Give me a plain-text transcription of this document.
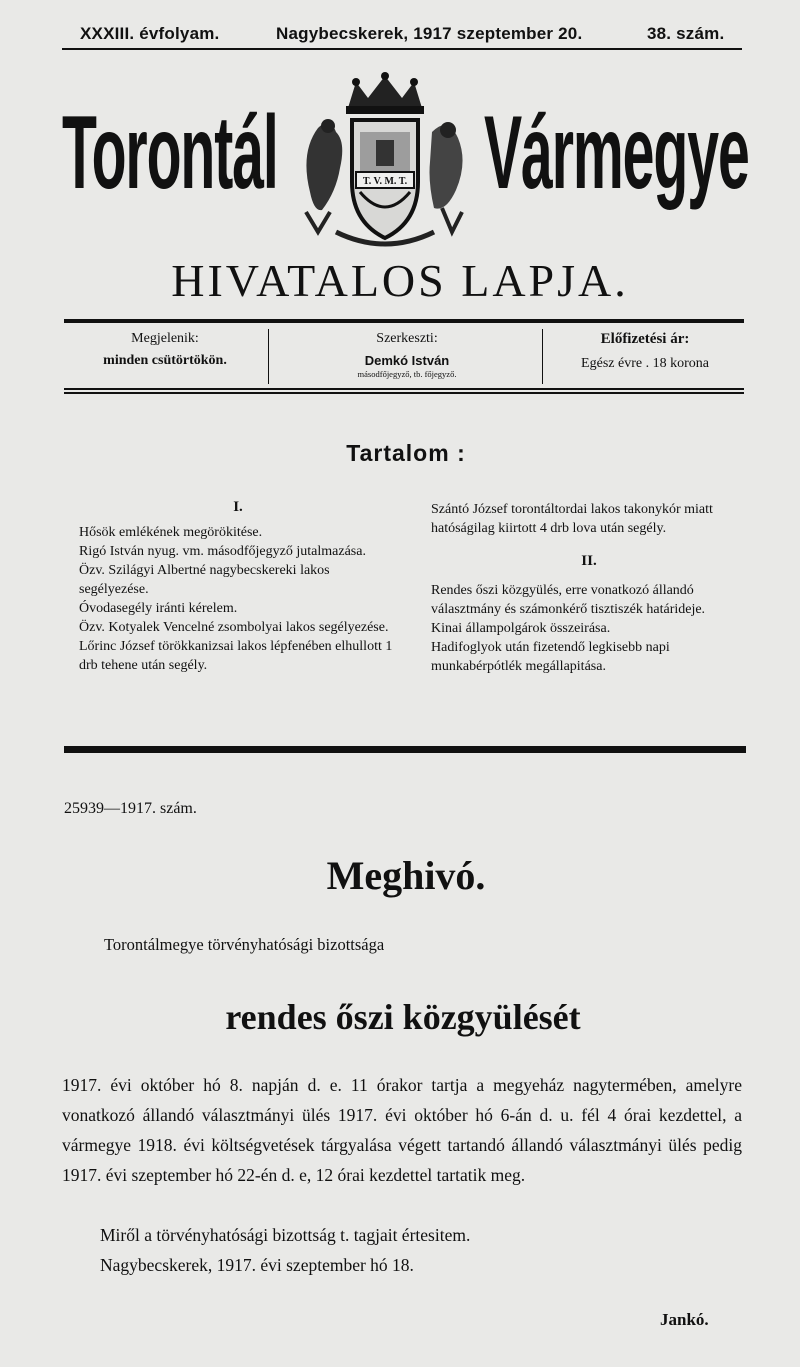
XXXIII. évfolyam.	Nagybecskerek, 1917 szeptember 20.	38. szám.
Torontál Vármegye
T. V. M. T.
HIVATALOS LAPJA.
Megjelenik:
minden csütörtökön.
Szerkeszti:
Demkó István
másodfőjegyző, tb. főjegyző.
Előfizetési ár:
Egész évre . 18 korona
Tartalom :
I.

Hősök emlékének megörökitése.

Rigó István nyug. vm. másodfőjegyző jutalmazása.

Özv. Szilágyi Albertné nagybecskereki lakos segélyezése.

Óvodasegély iránti kérelem.

Özv. Kotyalek Vencelné zsombolyai lakos segélyezése.

Lőrinc József törökkanizsai lakos lépfenében elhullott 1 drb tehene után segély.

Szántó József torontáltordai lakos takonykór miatt hatóságilag kiirtott 4 drb lova után segély.

II.

Rendes őszi közgyülés, erre vonatkozó állandó választmány és számonkérő tisztiszék határideje.

Kinai állampolgárok összeirása.

Hadifoglyok után fizetendő legkisebb napi munkabérpótlék megállapitása.

25939—1917. szám.
Meghivó.
Torontálmegye törvényhatósági bizottsága
rendes őszi közgyülését
1917. évi október hó 8. napján d. e. 11 órakor tartja a megyeház nagytermében, amelyre vonatkozó állandó választmányi ülés 1917. évi október hó 6-án d. u. fél 4 órai kezdettel, a vármegye 1918. évi költségvetések tárgyalása végett tartandó állandó választmányi ülés pedig 1917. évi szeptember hó 22-én d. e, 12 órai kezdettel tartatik meg.
Miről a törvényhatósági bizottság t. tagjait értesitem.
Nagybecskerek, 1917. évi szeptember hó 18.
Jankó.
